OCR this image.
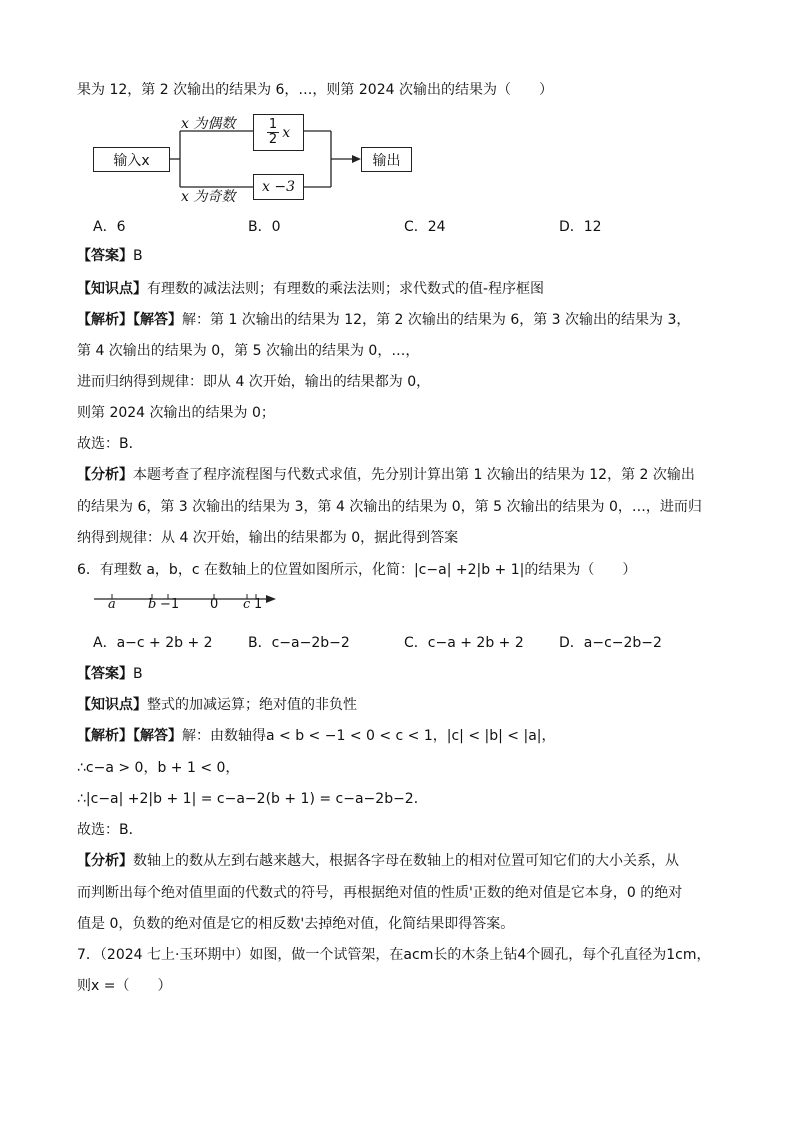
果为 12，第 2 次输出的结果为 6，…，则第 2024 次输出的结果为（　　）
输入x
x 为偶数
x 为奇数
$\frac{1}{2}$ x
x −3
输出
A．6	B．0	C．24	D．12
【答案】B
【知识点】有理数的减法法则；有理数的乘法法则；求代数式的值-程序框图
【解析】【解答】解：第 1 次输出的结果为 12，第 2 次输出的结果为 6，第 3 次输出的结果为 3，
第 4 次输出的结果为 0，第 5 次输出的结果为 0，…，
进而归纳得到规律：即从 4 次开始，输出的结果都为 0，
则第 2024 次输出的结果为 0；
故选：B．
【分析】本题考查了程序流程图与代数式求值，先分别计算出第 1 次输出的结果为 12，第 2 次输出
的结果为 6，第 3 次输出的结果为 3，第 4 次输出的结果为 0，第 5 次输出的结果为 0，…，进而归
纳得到规律：从 4 次开始，输出的结果都为 0，据此得到答案
6．有理数 a，b，c 在数轴上的位置如图所示，化简：|c−a| +2|b + 1|的结果为（　　）
a b −1 0 c 1
A．a−c + 2b + 2	B．c−a−2b−2	C．c−a + 2b + 2	D．a−c−2b−2
【答案】B
【知识点】整式的加减运算；绝对值的非负性
【解析】【解答】解：由数轴得a < b < −1 < 0 < c < 1，|c| < |b| < |a|，
∴c−a > 0，b + 1 < 0，
∴|c−a| +2|b + 1| = c−a−2(b + 1) = c−a−2b−2．
故选：B．
【分析】数轴上的数从左到右越来越大，根据各字母在数轴上的相对位置可知它们的大小关系，从
而判断出每个绝对值里面的代数式的符号，再根据绝对值的性质'正数的绝对值是它本身，0 的绝对
值是 0，负数的绝对值是它的相反数'去掉绝对值，化简结果即得答案。
7．（2024 七上·玉环期中）如图，做一个试管架，在acm长的木条上钻4个圆孔，每个孔直径为1cm，
则x =（　　）
